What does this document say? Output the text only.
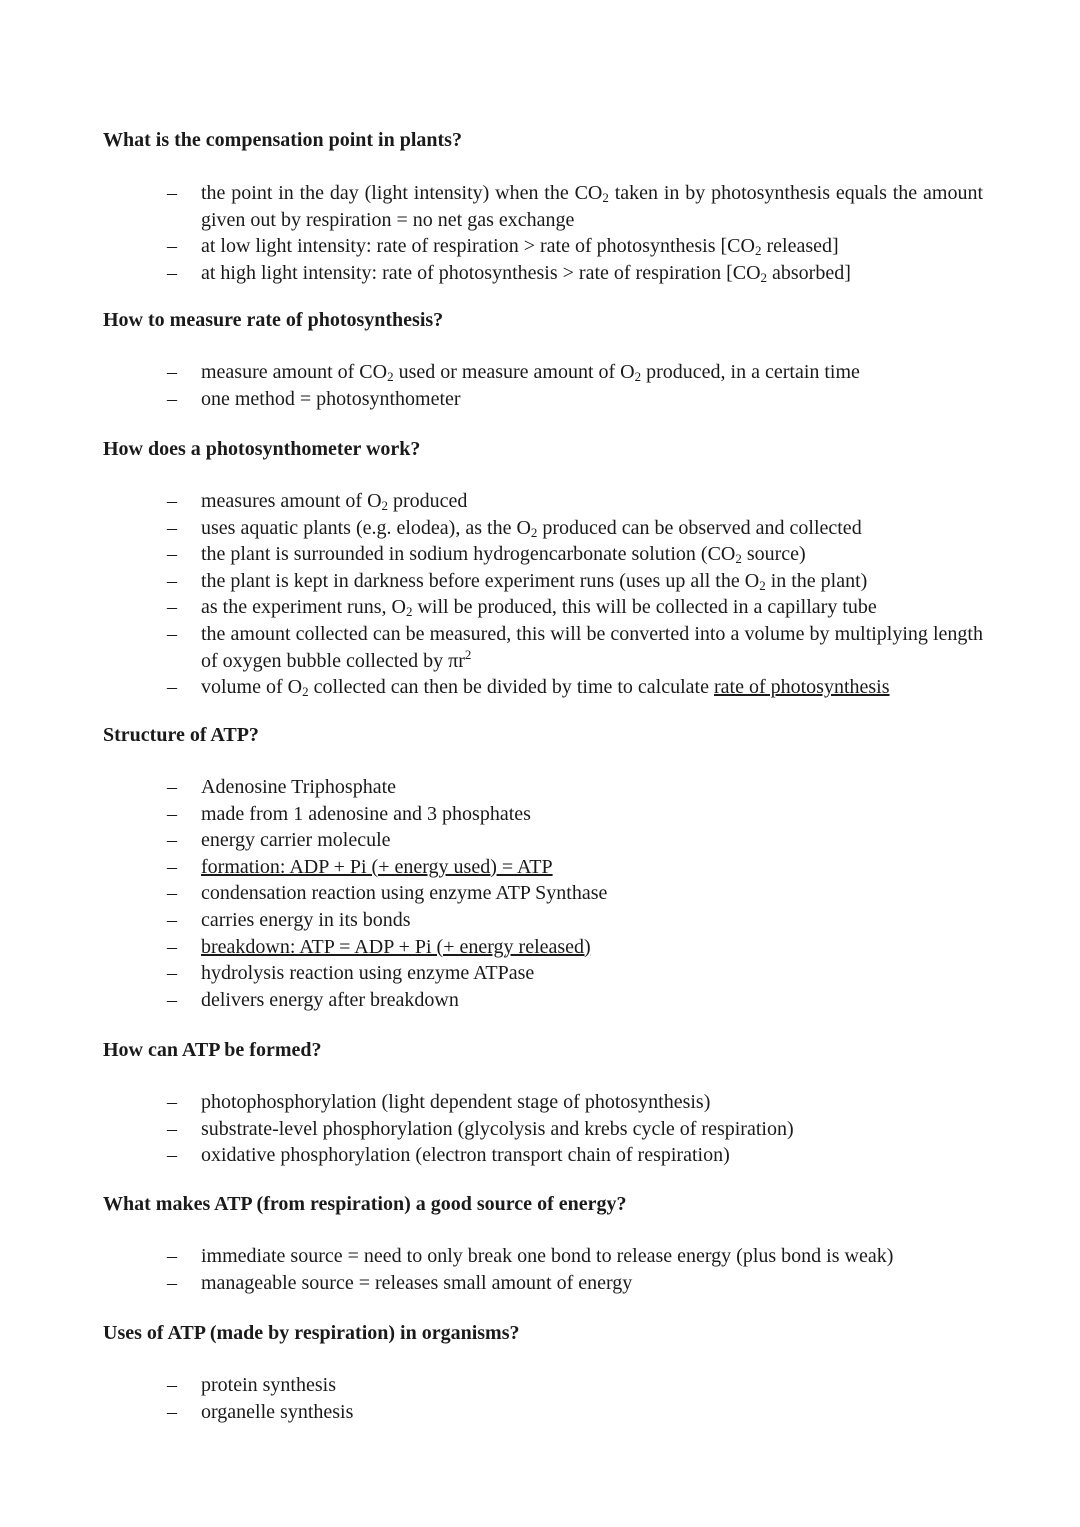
What is the compensation point in plants?
– the point in the day (light intensity) when the $CO_2$ taken in by photosynthesis equals the amount given out by respiration = no net gas exchange
– at low light intensity: rate of respiration > rate of photosynthesis [$CO_2$ released]
– at high light intensity: rate of photosynthesis > rate of respiration [$CO_2$ absorbed]
How to measure rate of photosynthesis?
– measure amount of $CO_2$ used or measure amount of $O_2$ produced, in a certain time
– one method = photosynthometer
How does a photosynthometer work?
– measures amount of $O_2$ produced
– uses aquatic plants (e.g. elodea), as the $O_2$ produced can be observed and collected
– the plant is surrounded in sodium hydrogencarbonate solution ($CO_2$ source)
– the plant is kept in darkness before experiment runs (uses up all the $O_2$ in the plant)
– as the experiment runs, $O_2$ will be produced, this will be collected in a capillary tube
– the amount collected can be measured, this will be converted into a volume by multiplying length of oxygen bubble collected by $\pi r^2$
– volume of $O_2$ collected can then be divided by time to calculate rate of photosynthesis
Structure of ATP?
– Adenosine Triphosphate
– made from 1 adenosine and 3 phosphates
– energy carrier molecule
– formation: ADP + Pi (+ energy used) = ATP
– condensation reaction using enzyme ATP Synthase
– carries energy in its bonds
– breakdown: ATP = ADP + Pi (+ energy released)
– hydrolysis reaction using enzyme ATPase
– delivers energy after breakdown
How can ATP be formed?
– photophosphorylation (light dependent stage of photosynthesis)
– substrate-level phosphorylation (glycolysis and krebs cycle of respiration)
– oxidative phosphorylation (electron transport chain of respiration)
What makes ATP (from respiration) a good source of energy?
– immediate source = need to only break one bond to release energy (plus bond is weak)
– manageable source = releases small amount of energy
Uses of ATP (made by respiration) in organisms?
– protein synthesis
– organelle synthesis
